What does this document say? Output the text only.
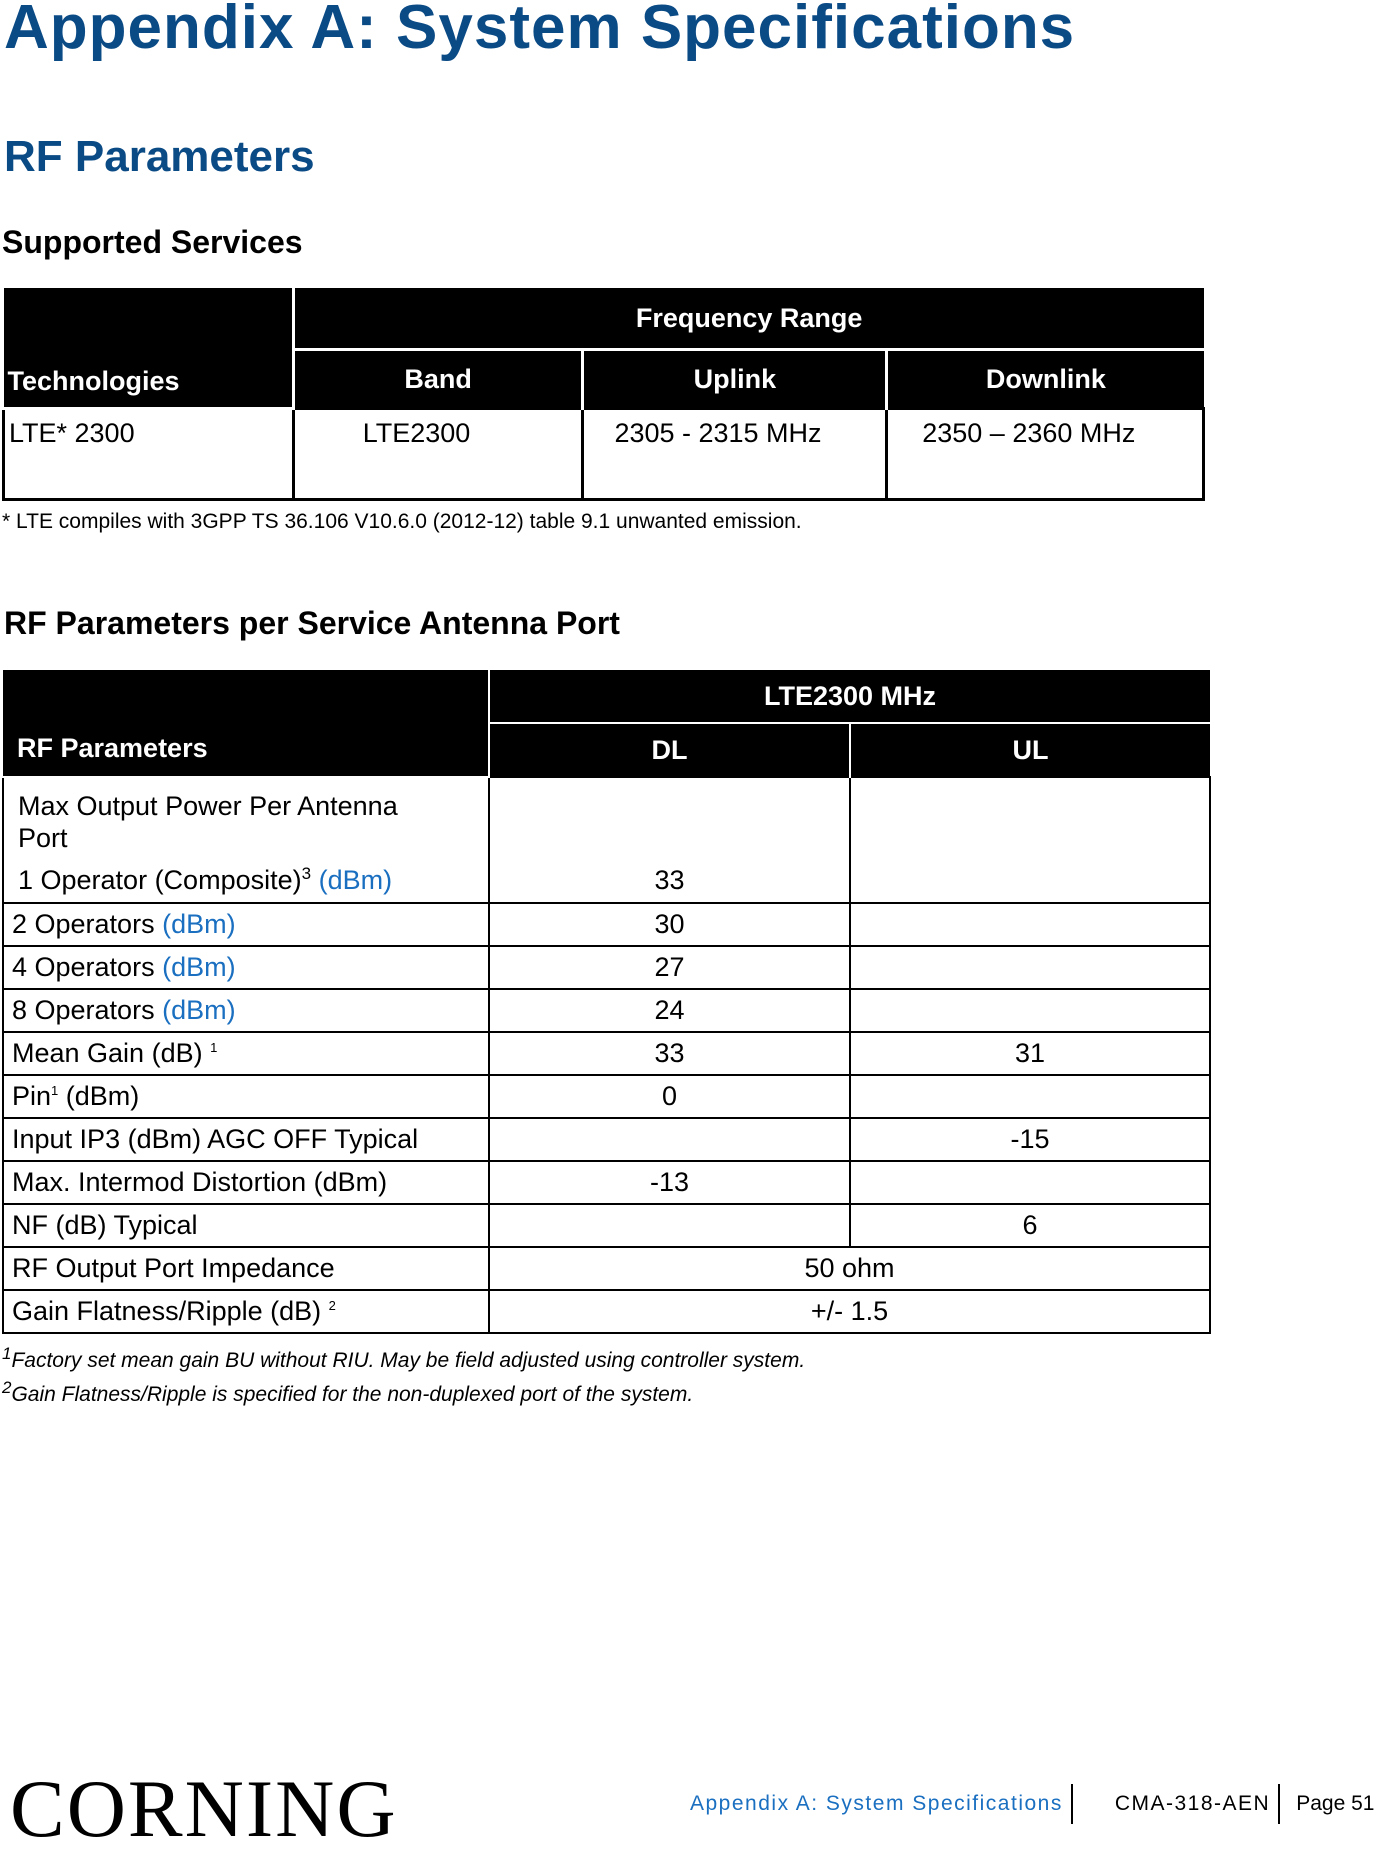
Appendix A: System Specifications
RF Parameters
Supported Services
Technologies	Frequency Range		
	Band	Uplink	Downlink
LTE* 2300	LTE2300	2305 - 2315 MHz	2350 – 2360 MHz

* LTE compiles with 3GPP TS 36.106 V10.6.0 (2012-12) table 9.1 unwanted emission.

RF Parameters per Service Antenna Port
RF Parameters	LTE2300 MHz	
	DL	UL

Max Output Power Per Antenna Port
1 Operator (Composite)$^3$ (dBm)	33	
2 Operators (dBm)	30	
4 Operators (dBm)	27	
8 Operators (dBm)	24	
Mean Gain (dB) $^1$	33	31
Pin$^1$ (dBm)	0	
Input IP3 (dBm) AGC OFF Typical		-15
Max. Intermod Distortion (dBm)	-13	
NF (dB) Typical		6
RF Output Port Impedance	50 ohm	
Gain Flatness/Ripple (dB) $^2$	+/- 1.5	

$^1$Factory set mean gain BU without RIU. May be field adjusted using controller system.

$^2$Gain Flatness/Ripple is specified for the non-duplexed port of the system.

CORNING	Appendix A: System Specifications CMA-318-AEN Page 51
